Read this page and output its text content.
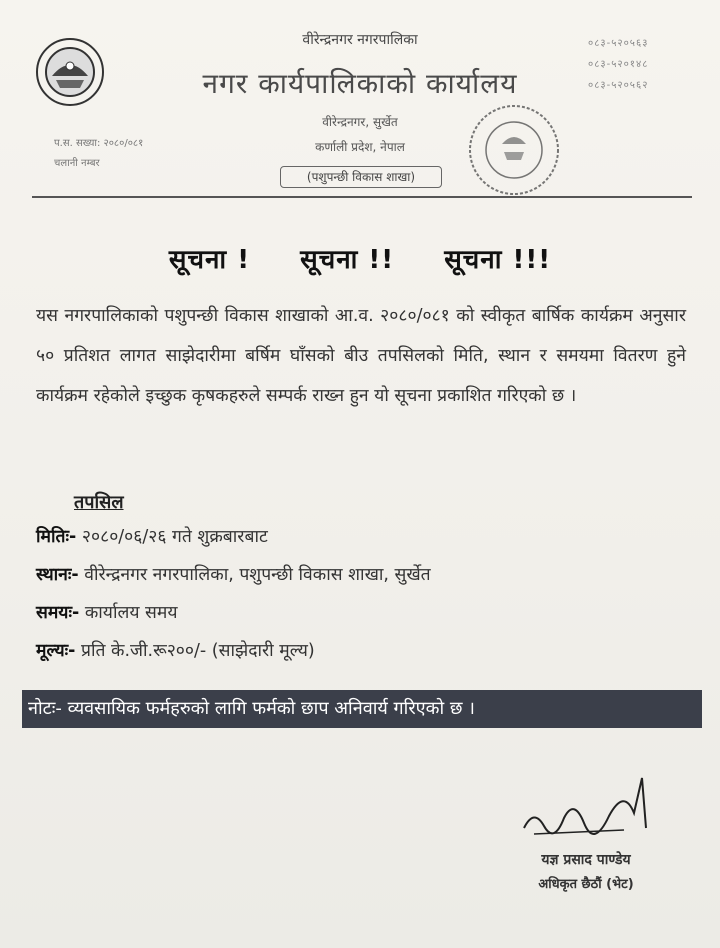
वीरेन्द्रनगर नगरपालिका
नगर कार्यपालिकाको कार्यालय
वीरेन्द्रनगर, सुर्खेत
कर्णाली प्रदेश, नेपाल
(पशुपन्छी विकास शाखा)
०८३-५२०५६३
०८३-५२०१४८
०८३-५२०५६२
प.स. सख्या: २०८०/०८१
चलानी नम्बर
सूचना ! सूचना !! सूचना !!!
यस नगरपालिकाको पशुपन्छी विकास शाखाको आ.व. २०८०/०८१ को स्वीकृत बार्षिक कार्यक्रम अनुसार ५० प्रतिशत लागत साझेदारीमा बर्षिम घाँसको बीउ तपसिलको मिति, स्थान र समयमा वितरण हुने कार्यक्रम रहेकोले इच्छुक कृषकहरुले सम्पर्क राख्न हुन यो सूचना प्रकाशित गरिएको छ ।
तपसिल
मितिः- २०८०/०६/२६ गते शुक्रबारबाट
स्थानः- वीरेन्द्रनगर नगरपालिका, पशुपन्छी विकास शाखा, सुर्खेत
समयः- कार्यालय समय
मूल्यः- प्रति के.जी.रू२००/- (साझेदारी मूल्य)
नोटः- व्यवसायिक फर्महरुको लागि फर्मको छाप अनिवार्य गरिएको छ ।
यज्ञ प्रसाद पाण्डेय
अधिकृत छैठौं (भेट)
